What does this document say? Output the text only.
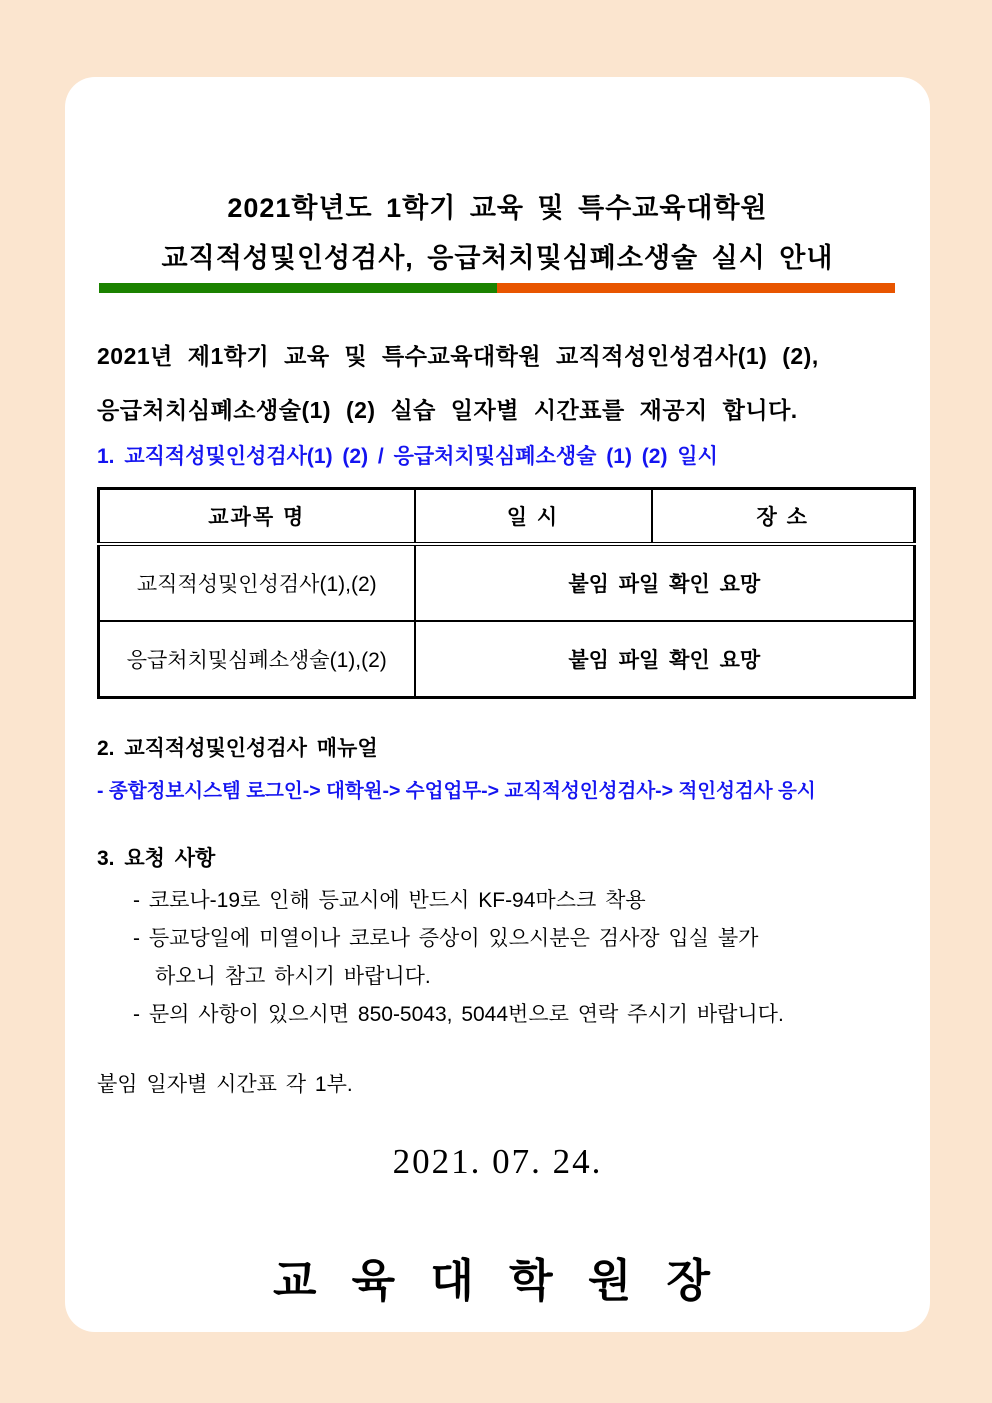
2021학년도 1학기 교육 및 특수교육대학원
교직적성및인성검사, 응급처치및심폐소생술 실시 안내
2021년 제1학기 교육 및 특수교육대학원 교직적성인성검사(1) (2),
응급처치심폐소생술(1) (2) 실습 일자별 시간표를 재공지 합니다.
1. 교직적성및인성검사(1) (2) / 응급처치및심폐소생술 (1) (2) 일시
교과목 명	일 시	장 소
교직적성및인성검사(1),(2)	붙임 파일 확인 요망	
응급처치및심폐소생술(1),(2)	붙임 파일 확인 요망	
2. 교직적성및인성검사 매뉴얼
- 종합정보시스템 로그인-> 대학원-> 수업업무-> 교직적성인성검사-> 적인성검사 응시
3. 요청 사항
- 코로나-19로 인해 등교시에 반드시 KF-94마스크 착용
- 등교당일에 미열이나 코로나 증상이 있으시분은 검사장 입실 불가
하오니 참고 하시기 바랍니다.
- 문의 사항이 있으시면 850-5043, 5044번으로 연락 주시기 바랍니다.
붙임 일자별 시간표 각 1부.
2021. 07. 24.
교 육 대 학 원 장
